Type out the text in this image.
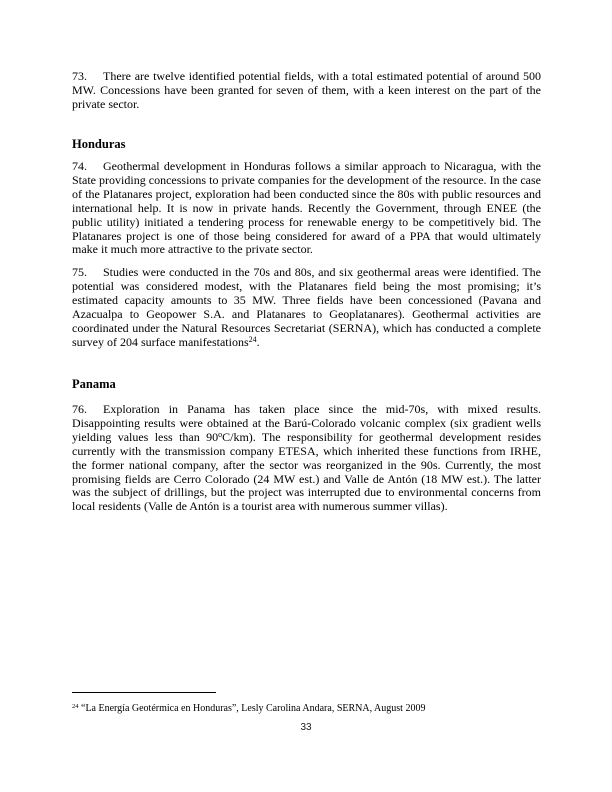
73. There are twelve identified potential fields, with a total estimated potential of around 500 MW. Concessions have been granted for seven of them, with a keen interest on the part of the private sector.

Honduras

74. Geothermal development in Honduras follows a similar approach to Nicaragua, with the State providing concessions to private companies for the development of the resource. In the case of the Platanares project, exploration had been conducted since the 80s with public resources and international help. It is now in private hands. Recently the Government, through ENEE (the public utility) initiated a tendering process for renewable energy to be competitively bid. The Platanares project is one of those being considered for award of a PPA that would ultimately make it much more attractive to the private sector.

75. Studies were conducted in the 70s and 80s, and six geothermal areas were identified. The potential was considered modest, with the Platanares field being the most promising; it’s estimated capacity amounts to 35 MW. Three fields have been concessioned (Pavana and Azacualpa to Geopower S.A. and Platanares to Geoplatanares). Geothermal activities are coordinated under the Natural Resources Secretariat (SERNA), which has conducted a complete survey of 204 surface manifestations$^{24}$.

Panama

76. Exploration in Panama has taken place since the mid-70s, with mixed results. Disappointing results were obtained at the Barú-Colorado volcanic complex (six gradient wells yielding values less than 90$^o$C/km). The responsibility for geothermal development resides currently with the transmission company ETESA, which inherited these functions from IRHE, the former national company, after the sector was reorganized in the 90s. Currently, the most promising fields are Cerro Colorado (24 MW est.) and Valle de Antón (18 MW est.). The latter was the subject of drillings, but the project was interrupted due to environmental concerns from local residents (Valle de Antón is a tourist area with numerous summer villas).

$^{24}$ “La Energía Geotérmica en Honduras”, Lesly Carolina Andara, SERNA, August 2009
33
